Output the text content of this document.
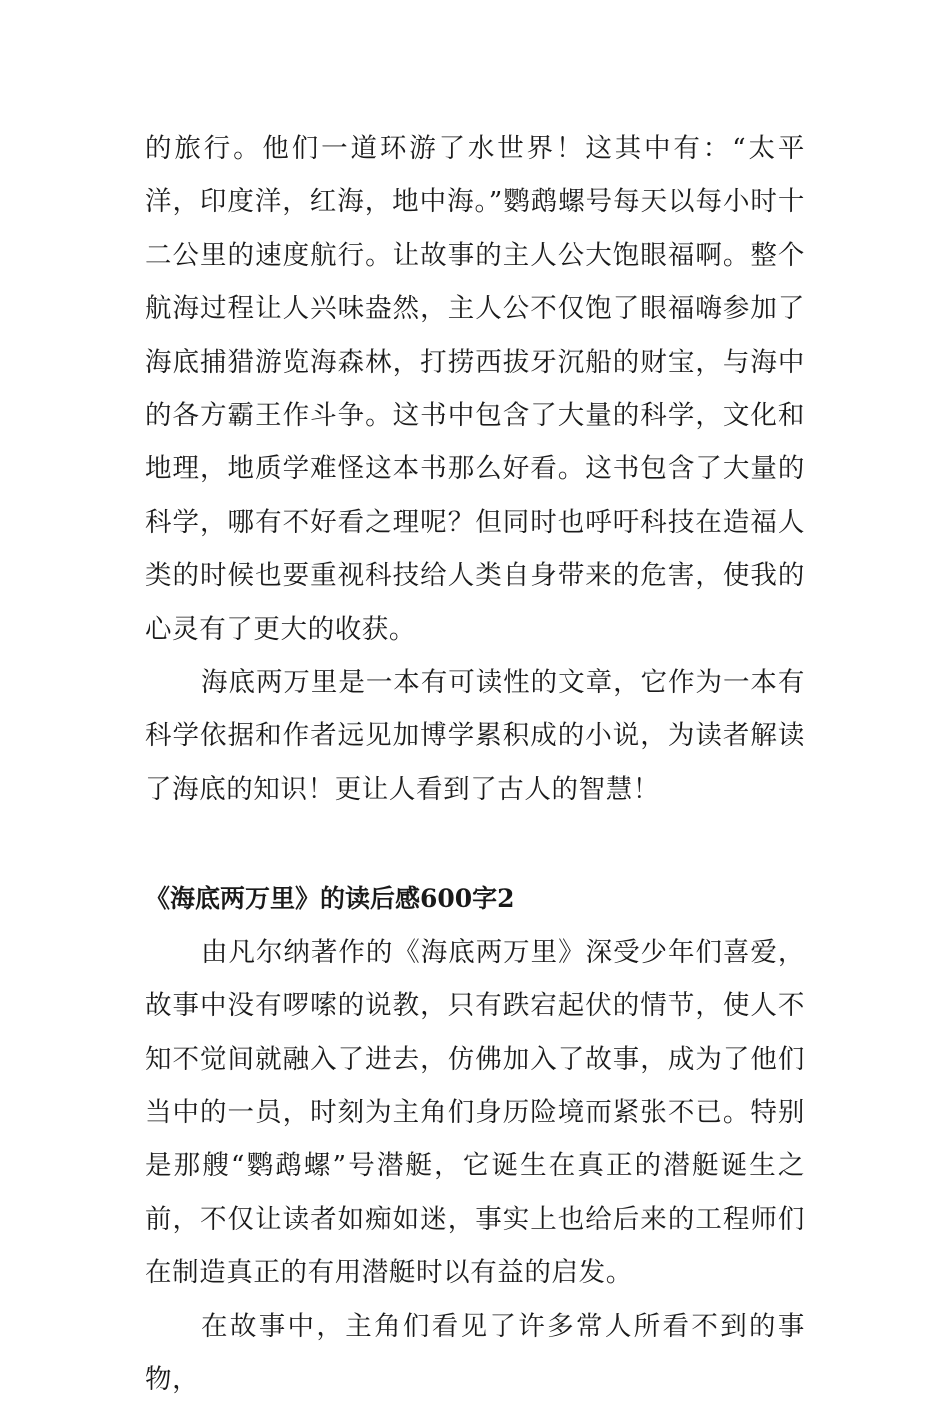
的旅行。他们一道环游了水世界！这其中有：“太平洋，印度洋，红海，地中海。”鹦鹉螺号每天以每小时十二公里的速度航行。让故事的主人公大饱眼福啊。整个航海过程让人兴味盎然，主人公不仅饱了眼福嗨参加了海底捕猎游览海森林，打捞西拔牙沉船的财宝，与海中的各方霸王作斗争。这书中包含了大量的科学，文化和地理，地质学难怪这本书那么好看。这书包含了大量的科学，哪有不好看之理呢？但同时也呼吁科技在造福人类的时候也要重视科技给人类自身带来的危害，使我的心灵有了更大的收获。

海底两万里是一本有可读性的文章，它作为一本有科学依据和作者远见加博学累积成的小说，为读者解读了海底的知识！更让人看到了古人的智慧！

《海底两万里》的读后感600字2

由凡尔纳著作的《海底两万里》深受少年们喜爱，故事中没有啰嗦的说教，只有跌宕起伏的情节，使人不知不觉间就融入了进去，仿佛加入了故事，成为了他们当中的一员，时刻为主角们身历险境而紧张不已。特别是那艘“鹦鹉螺”号潜艇，它诞生在真正的潜艇诞生之前，不仅让读者如痴如迷，事实上也给后来的工程师们在制造真正的有用潜艇时以有益的启发。

在故事中，主角们看见了许多常人所看不到的事物，
